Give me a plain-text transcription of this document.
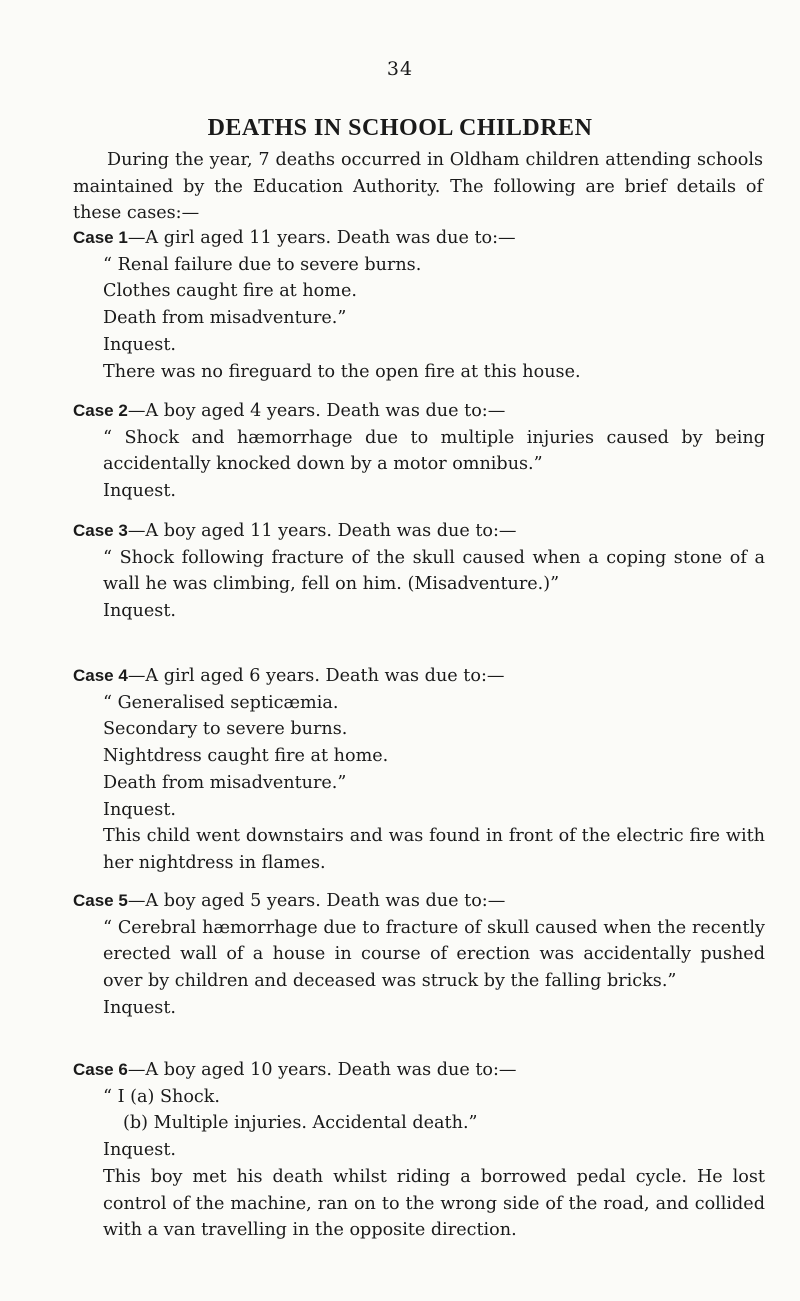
34
DEATHS IN SCHOOL CHILDREN

During the year, 7 deaths occurred in Oldham children attending schools maintained by the Education Authority. The following are brief details of these cases:—

Case 1—A girl aged 11 years. Death was due to:—

“ Renal failure due to severe burns.

Clothes caught fire at home.

Death from misadventure.”

Inquest.

There was no fireguard to the open fire at this house.

Case 2—A boy aged 4 years. Death was due to:—

“ Shock and hæmorrhage due to multiple injuries caused by being accidentally knocked down by a motor omnibus.”

Inquest.

Case 3—A boy aged 11 years. Death was due to:—

“ Shock following fracture of the skull caused when a coping stone of a wall he was climbing, fell on him. (Misadventure.)”

Inquest.

Case 4—A girl aged 6 years. Death was due to:—

“ Generalised septicæmia.

Secondary to severe burns.

Nightdress caught fire at home.

Death from misadventure.”

Inquest.

This child went downstairs and was found in front of the electric fire with her nightdress in flames.

Case 5—A boy aged 5 years. Death was due to:—

“ Cerebral hæmorrhage due to fracture of skull caused when the recently erected wall of a house in course of erection was accidentally pushed over by children and deceased was struck by the falling bricks.”

Inquest.

Case 6—A boy aged 10 years. Death was due to:—

“ I (a) Shock.

(b) Multiple injuries. Accidental death.”

Inquest.

This boy met his death whilst riding a borrowed pedal cycle. He lost control of the machine, ran on to the wrong side of the road, and collided with a van travelling in the opposite direction.
